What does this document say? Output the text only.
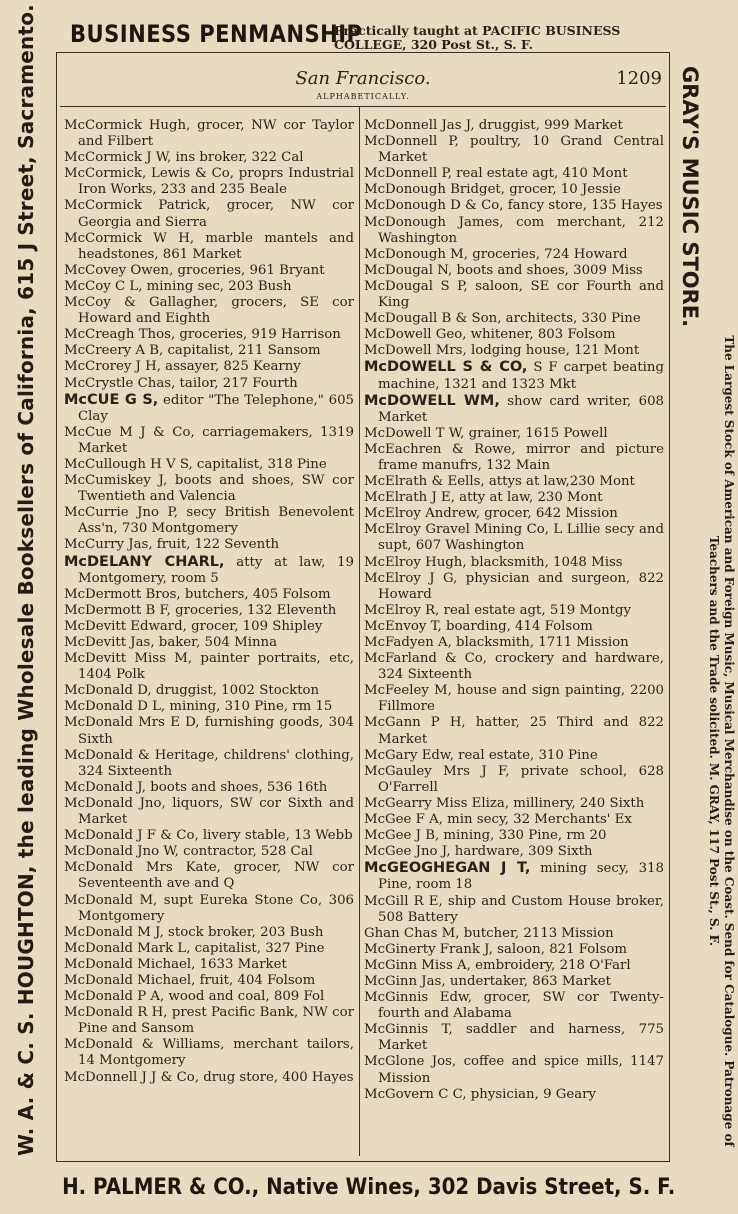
BUSINESS PENMANSHIP
Practically taught at PACIFIC BUSINESS COLLEGE, 320 Post St., S. F.
W. A. & C. S. HOUGHTON, the leading Wholesale Booksellers of California, 615 J Street, Sacramento.	GRAY'S MUSIC STORE.
The Largest Stock of American and Foreign Music, Musical Merchandise on the Coast. Send for Catalogue. Patronage of Teachers and the Trade solicited. M. GRAY, 117 Post St., S. F.
San Francisco.	1209
ALPHABETICALLY.
McCormick Hugh, grocer, NW cor Taylor and Filbert
McCormick J W, ins broker, 322 Cal
McCormick, Lewis & Co, proprs Industrial Iron Works, 233 and 235 Beale
McCormick Patrick, grocer, NW cor Georgia and Sierra
McCormick W H, marble mantels and headstones, 861 Market
McCovey Owen, groceries, 961 Bryant
McCoy C L, mining sec, 203 Bush
McCoy & Gallagher, grocers, SE cor Howard and Eighth
McCreagh Thos, groceries, 919 Harrison
McCreery A B, capitalist, 211 Sansom
McCrorey J H, assayer, 825 Kearny
McCrystle Chas, tailor, 217 Fourth
McCUE G S, editor "The Telephone," 605 Clay
McCue M J & Co, carriagemakers, 1319 Market
McCullough H V S, capitalist, 318 Pine
McCumiskey J, boots and shoes, SW cor Twentieth and Valencia
McCurrie Jno P, secy British Benevolent Ass'n, 730 Montgomery
McCurry Jas, fruit, 122 Seventh
McDELANY CHARL, atty at law, 19 Montgomery, room 5
McDermott Bros, butchers, 405 Folsom
McDermott B F, groceries, 132 Eleventh
McDevitt Edward, grocer, 109 Shipley
McDevitt Jas, baker, 504 Minna
McDevitt Miss M, painter portraits, etc, 1404 Polk
McDonald D, druggist, 1002 Stockton
McDonald D L, mining, 310 Pine, rm 15
McDonald Mrs E D, furnishing goods, 304 Sixth
McDonald & Heritage, childrens' clothing, 324 Sixteenth
McDonald J, boots and shoes, 536 16th
McDonald Jno, liquors, SW cor Sixth and Market
McDonald J F & Co, livery stable, 13 Webb
McDonald Jno W, contractor, 528 Cal
McDonald Mrs Kate, grocer, NW cor Seventeenth ave and Q
McDonald M, supt Eureka Stone Co, 306 Montgomery
McDonald M J, stock broker, 203 Bush
McDonald Mark L, capitalist, 327 Pine
McDonald Michael, 1633 Market
McDonald Michael, fruit, 404 Folsom
McDonald P A, wood and coal, 809 Fol
McDonald R H, prest Pacific Bank, NW cor Pine and Sansom
McDonald & Williams, merchant tailors, 14 Montgomery
McDonnell J J & Co, drug store, 400 Hayes
McDonnell Jas J, druggist, 999 Market
McDonnell P, poultry, 10 Grand Central Market
McDonnell P, real estate agt, 410 Mont
McDonough Bridget, grocer, 10 Jessie
McDonough D & Co, fancy store, 135 Hayes
McDonough James, com merchant, 212 Washington
McDonough M, groceries, 724 Howard
McDougal N, boots and shoes, 3009 Miss
McDougal S P, saloon, SE cor Fourth and King
McDougall B & Son, architects, 330 Pine
McDowell Geo, whitener, 803 Folsom
McDowell Mrs, lodging house, 121 Mont
McDOWELL S & CO, S F carpet beating machine, 1321 and 1323 Mkt
McDOWELL WM, show card writer, 608 Market
McDowell T W, grainer, 1615 Powell
McEachren & Rowe, mirror and picture frame manufrs, 132 Main
McElrath & Eells, attys at law,230 Mont
McElrath J E, atty at law, 230 Mont
McElroy Andrew, grocer, 642 Mission
McElroy Gravel Mining Co, L Lillie secy and supt, 607 Washington
McElroy Hugh, blacksmith, 1048 Miss
McElroy J G, physician and surgeon, 822 Howard
McElroy R, real estate agt, 519 Montgy
McEnvoy T, boarding, 414 Folsom
McFadyen A, blacksmith, 1711 Mission
McFarland & Co, crockery and hardware, 324 Sixteenth
McFeeley M, house and sign painting, 2200 Fillmore
McGann P H, hatter, 25 Third and 822 Market
McGary Edw, real estate, 310 Pine
McGauley Mrs J F, private school, 628 O'Farrell
McGearry Miss Eliza, millinery, 240 Sixth
McGee F A, min secy, 32 Merchants' Ex
McGee J B, mining, 330 Pine, rm 20
McGee Jno J, hardware, 309 Sixth
McGEOGHEGAN J T, mining secy, 318 Pine, room 18
McGill R E, ship and Custom House broker, 508 Battery
Ghan Chas M, butcher, 2113 Mission
McGinerty Frank J, saloon, 821 Folsom
McGinn Miss A, embroidery, 218 O'Farl
McGinn Jas, undertaker, 863 Market
McGinnis Edw, grocer, SW cor Twenty-fourth and Alabama
McGinnis T, saddler and harness, 775 Market
McGlone Jos, coffee and spice mills, 1147 Mission
McGovern C C, physician, 9 Geary
H. PALMER & CO., Native Wines, 302 Davis Street, S. F.
